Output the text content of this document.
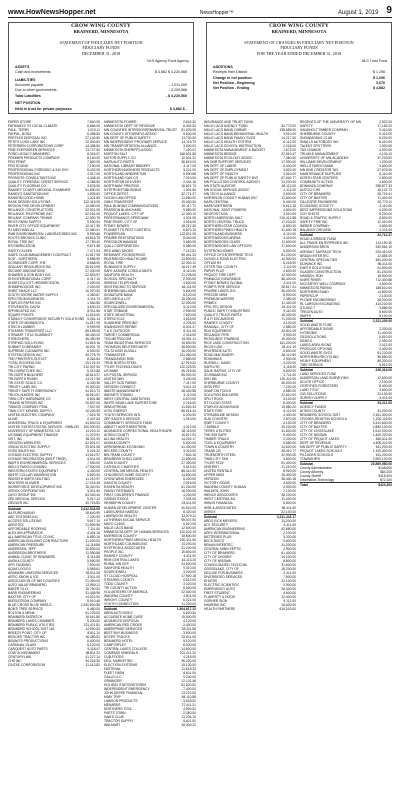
www.HowNewsHopper.net	NewsHopper™	August 1, 2019 9
CROW WING COUNTY
BRAINERD, MINNESOTA
STATEMENT OF FIDUCIARY NET POSITION
FIDUCIARY FUNDS
DECEMBER 31, 2018
NLS Agency Fund Agency
ASSETS
Cash and investments	$ 4,882 $ 4,220,566
LIABILITIES
Accounts payable	- 1,011,000
Due to other governments	- 3,209,566
Total Liabilities	- $ 4,220,566
NET POSITION
Held in trust for private purposes	$ 4,882 $ -
CROW WING COUNTY
BRAINERD, MINNESOTA
STATEMENT OF CHANGES IN FIDUCIARY NET POSITION
FIDUCIARY FUNDS
FOR THE YEAR ENDED DECEMBER 31, 2018
NLS Trust Fund
ADDITIONS
Receipts from District	$ 1,296
Change in net position	$ 1,296
Net Position - Beginning	3,676
Net Position - Ending	$ 4,882
PAPER STORE	7,840.00
PATHWAYS TO LOCAL CLIMATE	6,666.00
PAUL, TERRY	1,010.11
PAYPAL, NOSA	6,498.63
PEEPLES DISPOSAL INC	27,140.80
PETE'S LOOK LAKE INC	22,040.63
PETERSEN CORPORATIONS CORP	14,498.84
PINE EVERGREEN SERVICES	13,727.50
POND LEGACY BRAINERD	8,316.07
PREMIER PRODUCTS COMPANY	8,140.00
PRO PRINT	7,840.00
PRO SOUND	7,190.00
PROFESSIONAL FORENSIC & INV SVC	5,432.00
PROFESSIONAL INC	4,917.00
PROMOTE CONSULTANTS INC	4,448.42
QUALITY FORENSIC CREDIT SERVICE	4,288.50
QUALITY FLOORING CO	3,678.50
RAMSEY COUNTY MEDICAL EXAMINER	51,890.00
RANDY'S SANITATION INC	1,693.63
RANSOM GOOD HOME	1,321.89
RASK DESIGN SOLUTIONS	122,415.00
REGION FIVE DEVELOPMENT	14,550.00
RELIANCE CONSTRUCTORS	52,001.00
RELIANCE TELEPHONE INC	52,161.00
RELIANT COMPANY TENNIS	12,900.79
REX'S FARM SUPPLY	5,930.00
RIVER CITY OFFICE EQUIPMENT	10,417.99
RJ MECHANICAL	22,960.01
RMB ENVIRONMENTAL LABORATORIES INC	5,990.66
ROOTS BROOKS CLINIC	43,815.75
ROYAL TIRE INC	17,760.40
RS FABRICATION	9,871.58
SAFETY-KLEEN	7,471.03
SAM'S CLUB MANAGEMENT CONTRACT	11,817.95
SCIF - NORTHERN	5,986.59
SCHNEIDER CORP, THE	8,668.00
SEALANT RESOURCES INC	55,813.95
SECURE INNOVATIONS	27,000.00
SHAWN'S & SON BODY INC	22,843.97
SHI INTERNATIONAL CORP	6,417.10
SHORT-ELLIOTT-HENDRICKSON	2,000.00
SHAMPHOODSE INC	2,040.00
SHIRT SHACK LLC	10,970.00
SOUTH SHORE WATER SUPPLY	4,360.87
SPECTRUM BUSINESS	4,114.73
STAPLES PAPER INC	1,560.86
STEVENSON, DAVID	3,630.23
SPRINGSTED INC	8,911.66
SQUIRE POINTE	11,615.00
STANLEY CONVERGENT SECURITY SOLUTIONS 5,261.14
STATE OF MINNESOTA	11,817.05
STEICH LUMBER	9,999.99
STEARNS TRANSPORT LLC	65,158.05
STEWART TITLE GUARANTY	38,430.20
STREICHERS	46,450.99
STRIPING SOLUTIONS	24,815.16
SUMMIT COMPANIES	18,631.75
SUPREME CLEANERS INC	8,900.00
SYSTEM DESIGN INC	30,776.79
THE PRINTER'S OUTLET	8,364.84
TOTAL ROOFING INC	25,124.33
TRI-CITY PAVING	210,007.54
TRI-DISPATCHES INC	6,312.88
TRI-NORTH BUILDERS	18,813.37
TRI-NORTH RV/MH	13,217.96
TRI-STATE SCALE CO	6,430.35
TRINITY LABS INC	10,900.00
TRINITY SAFETY EMERGENCY	44,513.73
TRUCK-N-MORE INC	18,510.57
TWIN CITY HARDWARE CO	8,801.88
TRAINS INTERIOR INC	20,837.00
TWINGS COMPANY PDNL	7,547.00
TWIN CITY KENNEL SUPPLY	10,240.90
UNITED ELECTRIC COMPANY	7,515.78
ULINE	2,437.63
UNIVERSAL TRUCK & EQUIPMENT	34,600.23
UNITED STATES POSTAL SERVICE - NHBLDR	100,000.00
UNIVERSITY OF MINNESOTA, US	14,210.12
US BANK EQUIPMENT FINANCE	11,379.91
VEIT, INC	26,311.00
VERIZON WIRELESS	42,601.07
VIKING ELECTRIC SUPPLY	29,601.08
VOSS SALES INC	5,024.32
VOYAGE ELECTRIC SUPPLY	13,612.97
VOYAGE RECREATION (DEEP TRISE)	6,611.00
WAPITI ENVIRONMENTAL SERVICES	7,590.00
WELLS FARGO LEASING	17,900.00
WESTERN STATES EQUIPMENT	4,440.00
WHITE COLLAR WASHINGTON	6,820.00
WIDSETH SMITH NOLTING	11,212.97
WOLTERS KLUWER	17,016.45
WORKFORCE DEVELOPMENT INC	16,440.00
XEROX CORPORATION	5,511.94
ZAYO GROUP INC	63,340.44
ZEE MEDICAL SERVICE	5,917.12
ZIEGLER INC	30,715.83
Subtotal	2,012,543.00
AA PURCHASING	18,640.99
ABC SYSTEMS INC	7,420.00
ACCESS SOLUTIONS	9,817.10
AEROTEX	21,999.96
AFFORDABLE ROOFING	7,111.00
ALEX AIR APPARATUS	4,401.16
ALL AMERICAN TITLE CO INC	8,880.16
AMERICAN BUILDING CONTRACTORS	11,000.00
AMERICAN PRESSURE	14,118.88
ANDERSEN, JEFF	10,600.00
ANDERSON BROTHERS	11,990.88
ANIMAL CLINIC OF BRAINERD	8,114.65
ANOKA COUNTY	5,650.50
APG FUNDING	7,500.00
AQUA LOGICS	5,989.61
ARAMARK UNIFORM SERVICES	28,611.05
ARTIC SNOW & ICE	3,911.00
ASSOCIATION OF MN COUNTIES	21,400.00
AUTO VALUE BRAINERD	12,860.11
BAKER TILLY	19,750.00
BARR ENGINEERING	31,448.98
BAXTER, CITY OF	14,622.00
BERGSTROM COMPANY	8,910.46
BLUE CROSS BLUE SHIELD	2,340,800.55
BOB'S TREE SERVICE	6,480.00
BOLTON & MENK	61,225.00
BRAINERD DISPATCH	18,641.80
BRAINERD LAKES CHAMBER	5,200.00
BRAINERD PUBLIC UTILITIES	221,411.81
BRAINERD SCHOOL DIST 181	14,990.00
BREEZY POINT, CITY OF	8,811.10
BROOKS TRACTOR INC	16,480.00
BRUNO'S PRODUCTIONS	6,400.00
CARDINAL GLASS	5,120.00
CARQUEST AUTO PARTS	9,118.47
CDW GOVERNMENT	38,811.20
CENTURYLINK	41,227.14
CHS INC	94,316.30
CINTAS CORPORATION	11,413.82
MINNESOTA POWER	2,642.32
MINNESOTA DEPT OF REVENUE	8,402.00
MN COUNTIES INTERGOVERNMENTAL TRUST	81,003.00
MN COUNTY ATTORNEYS ASSOC	9,630.00
MN DEPT OF PUBLIC SAFETY	13,700.00
MN INDEPENDENT PROVIDER SERVICE	14,116.73
MN TRANSPORTATION ALLIANCE	3,000.00
MINNESOTA SHERIFFS ASSOC	7,420.01
MORTON SALT	168,631.55
MOTOR SUPPLY CO	10,901.22
NAPA AUTO PARTS	36,819.03
NATIONAL LIBRARY BINDERY	4,117.00
NORTHERN BUSINESS PRODUCTS	5,011.00
NORTHLAND ARBORETUM	5,990.88
NORTHLAND GAS CO	7,010.00
NORTHSTAR DELIVERY	2,444.16
NORTHWAY PRINTING	16,821.73
NYSTROM PUBLISHING	1,901.60
OFFICE DEPOT	32,771.37
OLSON LAW OFFICE	11,660.00
OMNI TRANSPORT	15,000.00
PAUL BUNYAN COMMUNICATIONS	20,117.71
PEARSON BLANCHARD	9,880.00
PEQUOT LAKES, CITY OF	12,300.10
PERFORMANCE SPEEDWAY	4,001.00
PINE RIVER, CITY OF	3,016.00
PITNEY BOWES	18,217.30
PLUNKETT'S PEST CONTROL	6,870.10
POWERPLAN	122,811.09
PRAIRIE RESTORATIONS	8,440.00
PRECISION IMAGING	3,660.00
QUILL CORPORATION	5,980.00
RED WING SHOES	7,212.51
REINHART FOODSERVICE	90,441.23
RIVERWOOD HEALTHCARE	14,800.00
ROYAL TIRE	22,300.12
RUNNING'S SUPPLY	18,017.49
SAFE ASSURE CONSULTANTS	8,110.00
SANFORD HEALTH	11,228.00
SCHOOL SPECIALTY	2,300.00
SEBEKA TELEPHONE	4,600.00
SENTENCING TO SERVICE	64,111.00
SHERWIN WILLIAMS	9,640.09
SIGNATURE BANK	6,120.00
SIR LINES-A-LOT	15,090.00
SOURCEWELL	12,000.00
SPECIALIZED ENVIRONMENTAL	5,112.00
STAR TRIBUNE	2,990.00
STATE INDUSTRIAL	7,620.00
STERICYCLE	3,615.00
SUNSHINE PRINTING	4,228.00
SWANSON'S REPAIR	8,001.47
T & K OUTDOOR	6,411.00
TARGET COMMERCIAL	2,316.00
TDS METROCOM	19,901.11
TEAM INDUSTRIAL SERVICES	15,600.00
THOMSON REUTERS WEST	38,600.50
TOLTZ KING DUVALL	16,200.00
TOWMASTER	211,060.00
TRANSUNION RISK	2,880.00
TRUE NORTH STEEL	47,919.22
TYLER TECHNOLOGIES	110,223.00
US BANK	36,218.60
US POSTAL SERVICE	55,000.00
UNITED WAY	3,240.00
VALLEY SOD FARMS	7,417.00
VERIZON CONNECT	9,611.23
WASTE MANAGEMENT	28,400.88
WAYNE'S TOWING	3,110.00
WEST CENTRAL SANITATION	6,870.00
WHITE BEAR LAKE SUPERSTORE	2,218.00
WINDSTREAM	11,840.34
XCEL ENERGY	86,614.44
YOUTH SERVICES INTL	6,200.00
ZEP SALES & SERVICE	1,910.00
COMMUNITY SERVICES FUND
ABBOTT NORTHWESTERN	4,312.00
ADVANCED CORRECTIONAL HEALTHCARE	28,119.00
AITKIN COUNTY	16,617.00
ALLINA HEALTH	14,202.17
ANOKA COUNTY	6,600.00
ARROWHEAD ECONOMIC	41,400.00
BECKER COUNTY	3,316.00
BELTRAMI COUNTY	7,840.15
BRAINERD CHILD CARE	11,890.00
CASS COUNTY	27,300.00
CATHOLIC CHARITIES	9,613.40
CENTRAL MN MENTAL HEALTH	88,412.00
CHILDREN'S HOME SOCIETY	14,600.00
CROW WING ENERGIZED	5,000.00
DAKOTA COUNTY	2,916.00
ESSENTIA HEALTH	61,240.00
FAMILY PATHWAYS	18,000.00
FIRST CHILDREN'S FINANCE	4,200.00
GRAND ITASCA	7,331.00
HENNEPIN COUNTY	23,611.00
HUMAN DEVELOPMENT CENTER	40,512.00
LAKES AREA HABITAT	8,420.00
LAKEWOOD HEALTH	12,870.11
LUTHERAN SOCIAL SERVICE	96,007.00
MAYO CLINIC	6,810.00
MILLE LACS BAND	12,600.00
MINNESOTA DEPT OF HUMAN SERVICES	410,022.19
MORRISON COUNTY	18,600.00
NORTHERN PINES MENTAL HEALTH	220,411.60
NORTHLAND COUNSELING	14,200.00
NYSTROM & ASSOCIATES	31,240.00
PEOPLE INC	16,800.00
RAMSEY COUNTY	4,411.00
REM CENTRAL LAKES	44,113.20
RURAL MN CEP	24,600.00
SANFORD HEALTH	9,310.00
SOURCEWELL	3,200.00
ST CLOUD HOSPITAL	17,900.18
STEARNS COUNTY	5,612.00
TODD COUNTY	3,020.00
TRI-COUNTY ACTION	8,900.00
VOLUNTEERS OF AMERICA	22,440.00
WADENA COUNTY	2,811.00
WRIGHT COUNTY	6,022.00
YOUTH CONNECTION	11,200.00
Subtotal	1,904,617.22
ABRA AUTO BODY	6,820.00
ACCURATE HOME CARE	15,900.00
ADVANCED DISPOSAL	4,120.00
AMERICAN RED CROSS	2,400.00
AMERIPRIDE SERVICES	18,411.88
BEST BUY BUSINESS	3,900.00
BOYER TRUCKS	22,611.00
BRAINERD HOTEL	5,120.00
CAMP RIPLEY	8,000.00
CENTRAL LAKES COLLEGE	14,600.00
COMPASS MINERALS	201,411.20
CUB FOODS	4,218.00
DELL MARKETING	36,220.00
ELECTION SYSTEMS	19,100.00
FASTENAL	11,618.33
FLEET FARM	8,611.00
GALLS LLC	9,240.00
GRAINGER	12,101.46
HOLIDAY STATIONSTORES	61,820.00
INDEPENDENT EMERGENCY	7,400.00
JOHN DEERE FINANCIAL	13,222.00
KWIK TRIP	48,110.88
LAWSON PRODUCTS	3,618.00
MENARDS	27,411.21
NORTHERN TOOL	4,900.00
PARTS TOWN	2,360.00
SAM'S CLUB	11,204.10
TRACTOR SUPPLY	6,611.00
WALMART	18,400.22
INSURANCE AND TRUST FUND
MILLE LACS AGENCY FUND	52,773.00
MILLE LACS BAND OJIBWE	158,689.00
MILLE LACS BAND BEHAVIORAL HEALTH	3,910.00
MILLE LACS BAND FAMILY SVCS	14,217.00
MILLE LACS HEALTH SYSTEM	6,112.00
MILLE LACS SCHOOL INSTRUCTION	2,018.00
MINNESOTA MANAGEMENT & BUDGET	1,672.00
MINNESOTA BRIDGE	22,510.47
MINNESOTA ECOLOGY ASSOC	7,360.00
MN DNR SUPPORT SERVICES	17,990.00
MN DEPT OF LABOR	6,400.00
MN DEPT OF EMPLOYMENT	3,820.00
MN DEPT OF HEALTH	4,910.00
MN DEPT OF PUBLIC SAFETY DVS	67,640.77
MN POLLUTION CONTROL AGENCY	21,200.00
MN STATE AUDITOR	48,112.00
MN SOCIAL SERVICE ASSOC	2,411.00
MN TECH ALLIANCE	3,600.00
MORRISON COUNTY HUMAN SVC	12,840.00
NAPA CENTRAL	9,440.00
NAPA NORTHERN	5,612.18
NATIONAL JOINT POWERS	4,800.00
NEOPOST USA	3,910.00
NORTH AMERICAN SALT	216,412.88
NORTH CENTRAL TRUCK	17,220.00
NORTHERN STAR COUNCIL	8,800.00
NORTHERN PINES HEALTH	41,600.18
NORTHLAND BUSINESS	6,110.00
NORTHWOODS ARENA	3,420.00
NORTHWOODS GLASS	11,600.00
NORTHWOODS LAW OFFICES	27,640.00
NYSTROM HOMES	5,500.00
OFFICE OF ENTERPRISE TECH	61,220.00
OLSON & SONS ELECTRIC	14,900.00
OPTUM RX	6,218.00
OTTER TAIL COUNTY	2,111.00
PAPER PLUS	4,600.00
PEQUOT FIRE DEPT	12,000.00
PINNACLE INSURANCE	88,420.00
PITNEY BOWES GLOBAL	3,411.00
POMP'S TIRE SERVICE	28,817.41
PRAIRIE LAKES JDC	36,200.00
PRECISE MRM	8,900.00
PREMIUM WATERS	2,380.00
PRIMEX	11,440.00
PRO-TEC DESIGN	24,411.00
PUBLIC SAFETY INDUSTRIES	9,110.00
QUALITY TRUCK PARTS	16,320.00
R & R EXCAVATING	71,200.00
RAMSEY COUNTY	4,100.00
RANDALL, CITY OF	2,880.00
RDO EQUIPMENT	42,811.09
RELIANCE FIRE	3,900.00
RESOURCE TRAINING	19,400.00
RICE LAKE CONSTRUCTION	611,200.00
RICOH USA	28,411.10
RIVERSIDE AUTO	6,600.00
ROAD MACHINERY	84,112.60
RONNINGS	2,900.00
RUSSELL, DAVID	3,220.00
SAFELITE	4,118.00
SAUK RAPIDS, CITY OF	5,600.00
SCHWAAB INC	2,711.00
SEH INC	120,411.00
SHERBURNE COUNTY	36,000.00
SIGN PRO	7,240.00
SNAP-ON TOOLS	4,880.00
SOLUTION BUILDERS	22,610.00
SPLIT ROCK	3,100.00
ST CLOUD STATE	8,400.00
STAPLES ADVANTAGE	19,880.22
STATE FIRE	6,112.00
STREAMLINE DESIGN	4,400.00
SUN COUNTRY	2,870.00
SWIFT COUNTY	3,100.00
T-MOBILE	15,220.00
TEREX UTILITIES	31,620.00
THE BIG SAFE	5,400.00
TIMBER TRAILS	2,200.00
TOOL & EQUIPMENT	9,880.00
TOWN & COUNTRY	14,620.00
TRANE US	48,410.77
TRUENORTH STEEL	22,900.00
TWIN CITY FAN	3,600.00
TYLER TECH	61,400.00
UNIFIRST	11,210.00
UNITED RENTALS	8,920.00
UPPER MISS	16,400.00
VERIZON	28,440.18
VICTORY SIGNS	4,620.00
WADENA COUNTY HUMAN	3,900.00
WALDEN, JOHN	2,100.00
WENCK ASSOCIATES	48,220.00
WEST CENTRAL AG	11,440.00
WINGS FINANCIAL	6,800.00
WSB & ASSOCIATES	96,411.00
XEROX	22,100.00
Subtotal	3,211,442.17
ABDO EICK MEYERS	31,200.00
ADT SECURITY	4,411.00
AMERICAN ENGINEERING	62,880.00
APEX INTERNATIONAL	2,100.00
BATTERIES PLUS	3,320.00
BECK DISCO	9,600.00
BRAUN INTERTEC	41,200.00
CENTRAL MINN SEPTIC	2,900.00
CITY OF BRAINERD	61,400.00
CITY OF CROSBY	14,220.00
CITY OF NISSWA	8,800.00
CONSOLIDATED TELECOM	31,600.00
CROSSLAKE, CITY OF	18,200.00
DELUXE FOR BUSINESS	2,411.00
DIVERSIFIED SERVICES	7,800.00
EHLERS	22,100.00
ELECTRIC SCIENTIFIC	3,900.00
EMERGENCY AUTO	26,440.00
FIRST STUDENT	4,600.00
FLAHERTY & HOOD	12,400.00
GOPHER SIGN	9,112.00
HAWKINS INC	18,600.00
HEALTH PARTNERS	610,220.00
REGENTS OF THE UNIVERSITY OF MN	2,822.00
SAFETY	17,182.22
SANDHOLT TIMBER COMPANY	3,410.00
SHERBURNE COUNTY	5,412.00
SNOWMOBILE CLUB	8,200.00
SMALLS AUTOBODY INC	8,410.00
TALENT SPOTTERS	1,920.00
TAX CHANGE	4,920.00
TRI-MILE MANAGEMENT	4,100.10
UNIVERSITY OF MN-ACADEMY	37,229.52
WILLIAMS DEVELOPMENT	1,200.00
WELLS FARGO BANK	3,600.00
MN DNR CREDITOR TAX	27,678.00
MAINTENANCE SUPPLIES	6,110.00
NORTH STAR CENTERS	2,800.00
COMMUNITY ACTION	4,600.00
BONANZA COMPANY	298,877.33
ANTOCI CHR	16,122.72
CITY OF BRAINERD	26,715.41
CITY OF BAXTER	11,400.00
GILLESPIE ENGINEERS	62,770.11
ECONOMIC SOCIETY	3,110.00
BEST IMPRESSIONS SOLUTIONS	4,200.00
GUY SHOTS	5,220.00
ROAD & TRAFFIC SUPPLY	8,800.00
SAFETY FIRE INC	12,410.00
WEBER COMPANY	4,600.00
BALANCE GROUND	2,211.00
Subtotal	22,712.37
ROAD & BRIDGE FUND
ALL TRADE ENTERPRISES INC	113,190.40
ANDERSON BROS	330,561.10
ASPHALT SURFACE TECH	220,410.00
BRAUN INTERTEC	12,884.00
CENTRAL SPECIALTIES	481,200.00
DUININCK INC	96,411.00
EARTH SOLUTIONS	24,600.00
GLADEN CONSTRUCTION	61,240.00
HANSEN, RON	18,900.00
KNIFE RIVER	712,400.88
MCCARTHY WELL COMPANY	4,600.00
MINNESOTA PAVING	188,610.00
NORTHERN SAND	14,820.00
PAPERCLIP	2,100.00
PLOWE ENGINEERING	36,200.00
RL LARSON EXCAVATING	410,220.00
STUDIO 7	3,880.00
THELEN AUTO	8,600.00
WAPITI	5,100.00
Subtotal	2,311,200.00
SOLID WASTE FUND
AFFORDABLE SIGNS	2,200.00
HYDROBIC	11,400.00
GEOSOLUTIONS	6,810.00
DEMCO	2,990.00
LAKES AREA SIGNS	3,412.00
PRODUCE OPTIONS	4,400.00
SOLID WASTE SVCS	61,220.00
NORTHERN RECYCLING	36,880.00
HEAVY EQUIPMENT	88,200.00
TIRE SERVICE	9,612.00
Subtotal	226,310.00
LAND SERVICES FUND
ANDERSON LAND SURVEYING	12,600.00
ACUTE OFFICE	2,100.00
CERTIFIED FORESTERS	8,400.00
LAND TITLE	3,600.00
GIS SOLUTIONS	22,100.00
SURVEY SUPPLY	4,411.00
Subtotal	53,211.00
AGENCY FUNDS
AITKIN COUNTY	41,200.00
BRAINERD SCHOOL DIST	2,611,400.00
CROSBY-IRONTON SCHOOLS	1,220,118.00
CITY OF BRAINERD	3,441,600.00
CITY OF BAXTER	2,880,100.00
CITY OF CROSSLAKE	1,612,000.00
CITY OF NISSWA	1,400,220.00
CITY OF PEQUOT LAKES	840,611.00
DEPT OF REVENUE	4,600,411.00
MN DEPT OF PUBLIC SAFETY	611,200.00
PEQUOT LAKES SCHOOLS	1,100,400.00
PILLAGER SCHOOLS	611,220.00
TOWNSHIPS	2,900,100.00
Subtotal	23,869,580.00
County Administrative	$148,600
County Attorney	$84,200
County Sheriff	$118,400
Information Technology	$72,100
Total	$423,300
